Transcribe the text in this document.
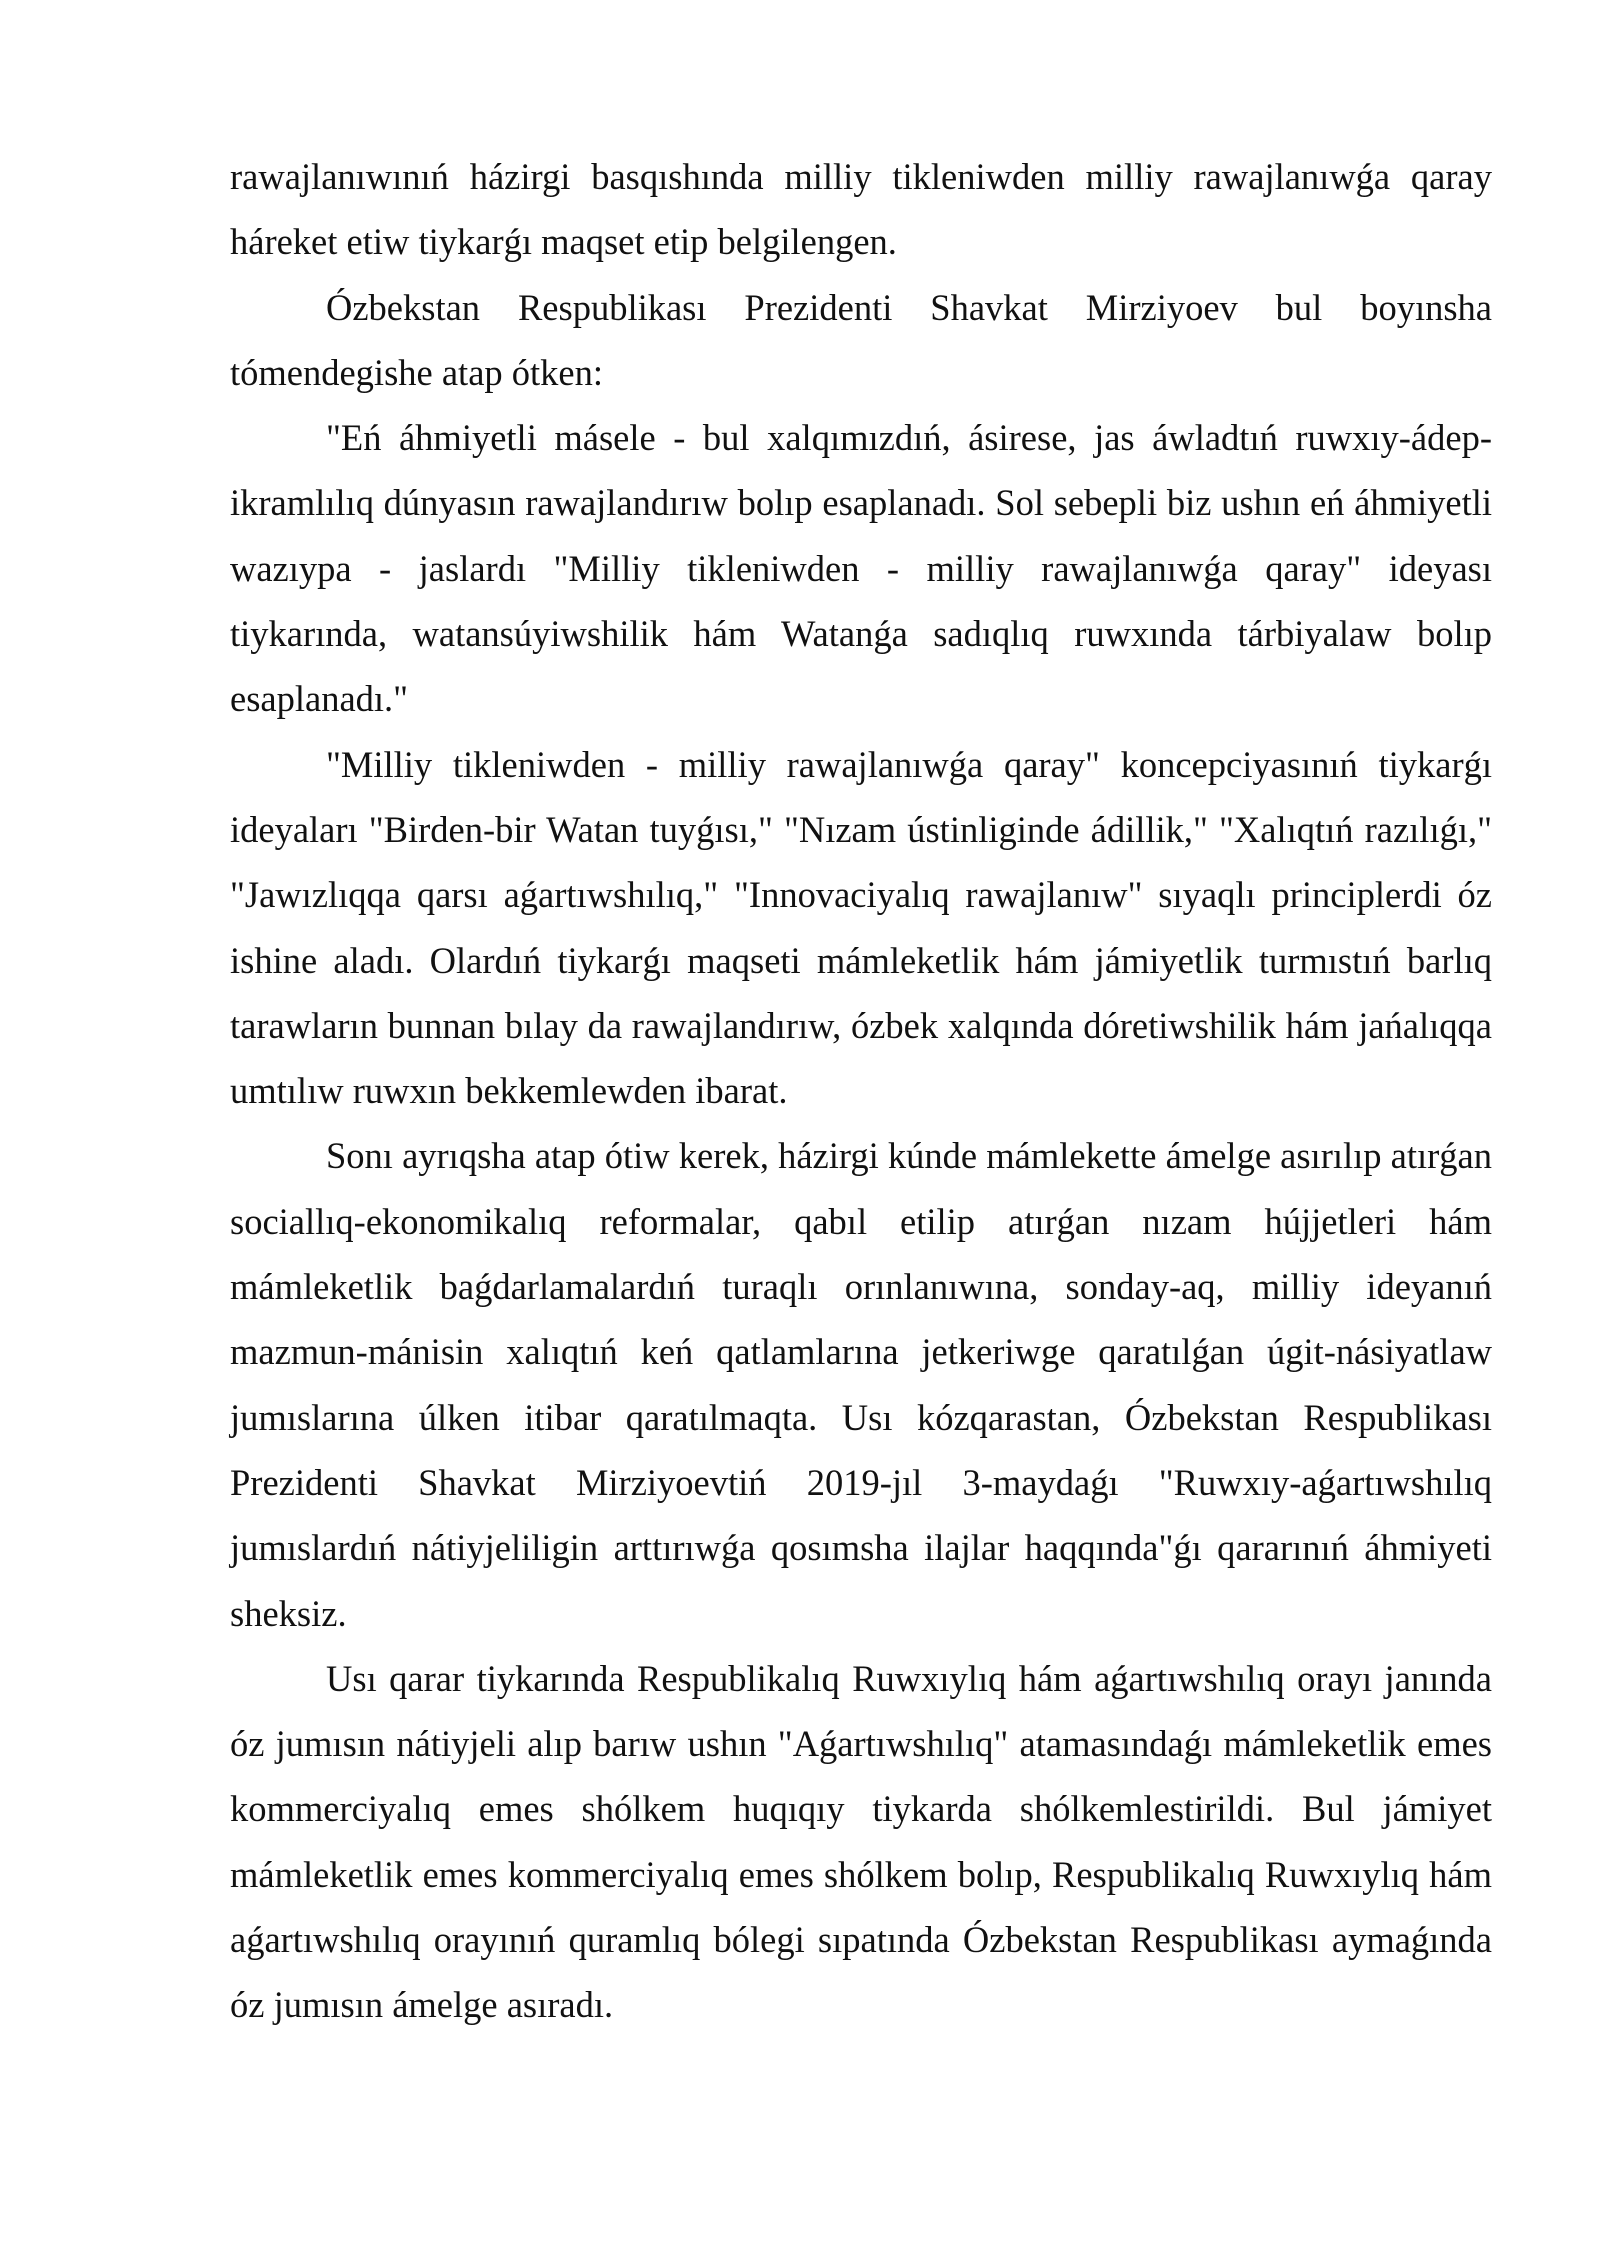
rawajlanıwınıń házirgi basqıshında milliy tikleniwden milliy rawajlanıwǵa qaray háreket etiw tiykarǵı maqset etip belgilengen.

Ózbekstan Respublikası Prezidenti Shavkat Mirziyoev bul boyınsha tómendegishe atap ótken:

"Eń áhmiyetli másele - bul xalqımızdıń, ásirese, jas áwladtıń ruwxıy-ádep-ikramlılıq dúnyasın rawajlandırıw bolıp esaplanadı. Sol sebepli biz ushın eń áhmiyetli wazıypa - jaslardı "Milliy tikleniwden - milliy rawajlanıwǵa qaray" ideyası tiykarında, watansúyiwshilik hám Watanǵa sadıqlıq ruwxında tárbiyalaw bolıp esaplanadı."

"Milliy tikleniwden - milliy rawajlanıwǵa qaray" koncepciyasınıń tiykarǵı ideyaları "Birden-bir Watan tuyǵısı," "Nızam ústinliginde ádillik," "Xalıqtıń razılıǵı," "Jawızlıqqa qarsı aǵartıwshılıq," "Innovaciyalıq rawajlanıw" sıyaqlı principlerdi óz ishine aladı. Olardıń tiykarǵı maqseti mámleketlik hám jámiyetlik turmıstıń barlıq tarawların bunnan bılay da rawajlandırıw, ózbek xalqında dóretiwshilik hám jańalıqqa umtılıw ruwxın bekkemlewden ibarat.

Sonı ayrıqsha atap ótiw kerek, házirgi kúnde mámlekette ámelge asırılıp atırǵan sociallıq-ekonomikalıq reformalar, qabıl etilip atırǵan nızam hújjetleri hám mámleketlik baǵdarlamalardıń turaqlı orınlanıwına, sonday-aq, milliy ideyanıń mazmun-mánisin xalıqtıń keń qatlamlarına jetkeriwge qaratılǵan úgit-násiyatlaw jumıslarına úlken itibar qaratılmaqta. Usı kózqarastan, Ózbekstan Respublikası Prezidenti Shavkat Mirziyoevtiń 2019-jıl 3-maydaǵı "Ruwxıy-aǵartıwshılıq jumıslardıń nátiyjeliligin arttırıwǵa qosımsha ilajlar haqqında"ǵı qararınıń áhmiyeti sheksiz.

Usı qarar tiykarında Respublikalıq Ruwxıylıq hám aǵartıwshılıq orayı janında óz jumısın nátiyjeli alıp barıw ushın "Aǵartıwshılıq" atamasındaǵı mámleketlik emes kommerciyalıq emes shólkem huqıqıy tiykarda shólkemlestirildi. Bul jámiyet mámleketlik emes kommerciyalıq emes shólkem bolıp, Respublikalıq Ruwxıylıq hám aǵartıwshılıq orayınıń quramlıq bólegi sıpatında Ózbekstan Respublikası aymaǵında óz jumısın ámelge asıradı.
